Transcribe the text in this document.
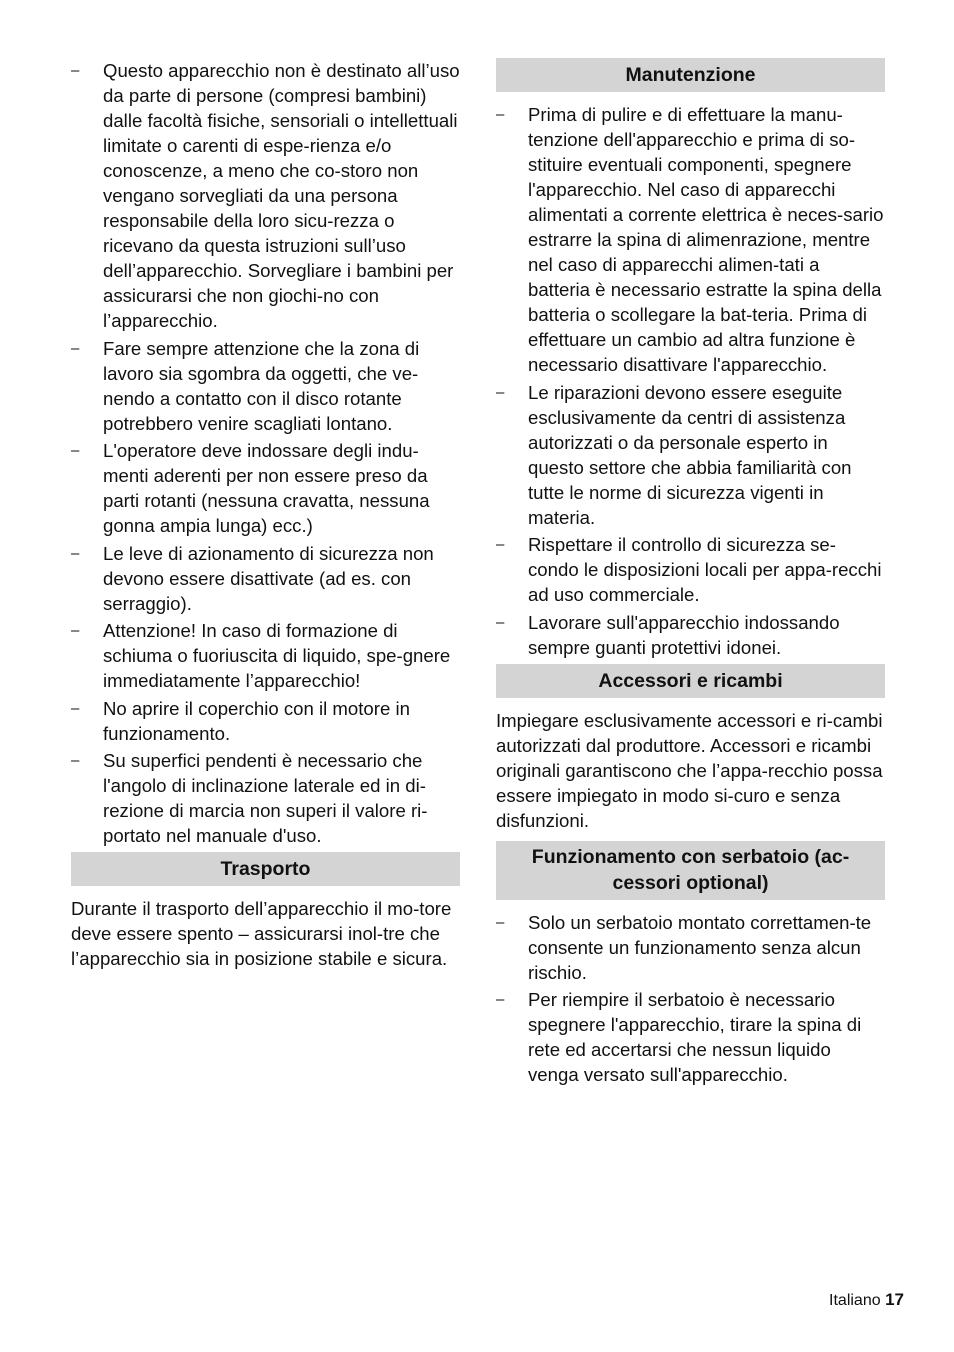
– Questo apparecchio non è destinato all’uso da parte di persone (compresi bambini) dalle facoltà fisiche, sensoriali o intellettuali limitate o carenti di espe-rienza e/o conoscenze, a meno che co-storo non vengano sorvegliati da una persona responsabile della loro sicu-rezza o ricevano da questa istruzioni sull’uso dell’apparecchio. Sorvegliare i bambini per assicurarsi che non giochi-no con l’apparecchio.
– Fare sempre attenzione che la zona di lavoro sia sgombra da oggetti, che ve-nendo a contatto con il disco rotante potrebbero venire scagliati lontano.
– L'operatore deve indossare degli indu-menti aderenti per non essere preso da parti rotanti (nessuna cravatta, nessuna gonna ampia lunga) ecc.)
– Le leve di azionamento di sicurezza non devono essere disattivate (ad es. con serraggio).
– Attenzione! In caso di formazione di schiuma o fuoriuscita di liquido, spe-gnere immediatamente l’apparecchio!
– No aprire il coperchio con il motore in funzionamento.
– Su superfici pendenti è necessario che l'angolo di inclinazione laterale ed in di-rezione di marcia non superi il valore ri-portato nel manuale d'uso.
Trasporto

Durante il trasporto dell’apparecchio il mo-tore deve essere spento – assicurarsi inol-tre che l’apparecchio sia in posizione stabile e sicura.

Manutenzione
– Prima di pulire e di effettuare la manu-tenzione dell'apparecchio e prima di so-stituire eventuali componenti, spegnere l'apparecchio. Nel caso di apparecchi alimentati a corrente elettrica è neces-sario estrarre la spina di alimenrazione, mentre nel caso di apparecchi alimen-tati a batteria è necessario estratte la spina della batteria o scollegare la bat-teria. Prima di effettuare un cambio ad altra funzione è necessario disattivare l'apparecchio.
– Le riparazioni devono essere eseguite esclusivamente da centri di assistenza autorizzati o da personale esperto in questo settore che abbia familiarità con tutte le norme di sicurezza vigenti in materia.
– Rispettare il controllo di sicurezza se-condo le disposizioni locali per appa-recchi ad uso commerciale.
– Lavorare sull'apparecchio indossando sempre guanti protettivi idonei.
Accessori e ricambi

Impiegare esclusivamente accessori e ri-cambi autorizzati dal produttore. Accessori e ricambi originali garantiscono che l’appa-recchio possa essere impiegato in modo si-curo e senza disfunzioni.

Funzionamento con serbatoio (ac-cessori optional)
– Solo un serbatoio montato correttamen-te consente un funzionamento senza alcun rischio.
– Per riempire il serbatoio è necessario spegnere l'apparecchio, tirare la spina di rete ed accertarsi che nessun liquido venga versato sull'apparecchio.
Italiano 17
